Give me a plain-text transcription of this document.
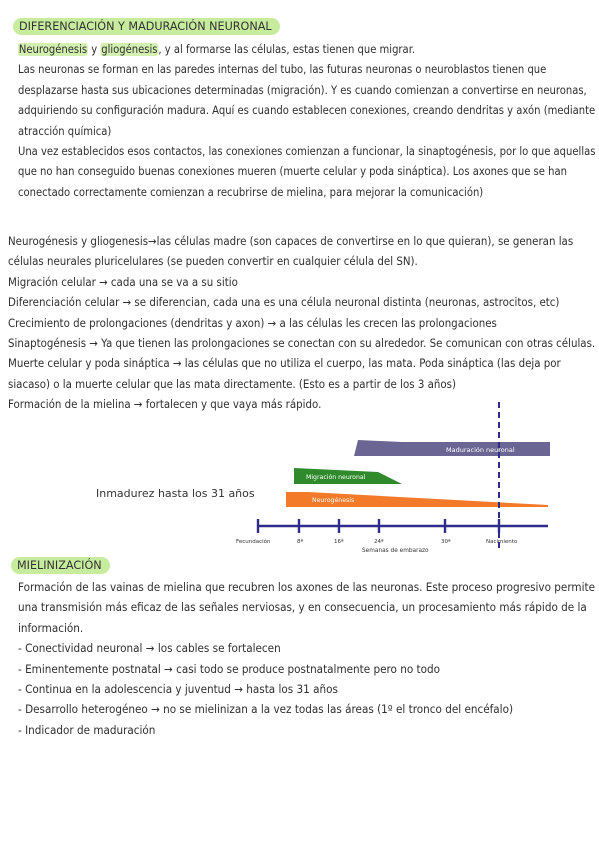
DIFERENCIACIÓN Y MADURACIÓN NEURONAL

Neurogénesis y gliogénesis, y al formarse las células, estas tienen que migrar.

Las neuronas se forman en las paredes internas del tubo, las futuras neuronas o neuroblastos tienen que

desplazarse hasta sus ubicaciones determinadas (migración). Y es cuando comienzan a convertirse en neuronas,

adquiriendo su configuración madura. Aquí es cuando establecen conexiones, creando dendritas y axón (mediante

atracción química)

Una vez establecidos esos contactos, las conexiones comienzan a funcionar, la sinaptogénesis, por lo que aquellas

que no han conseguido buenas conexiones mueren (muerte celular y poda sináptica). Los axones que se han

conectado correctamente comienzan a recubrirse de mielina, para mejorar la comunicación)

Neurogénesis y gliogenesis→las células madre (son capaces de convertirse en lo que quieran), se generan las

células neurales pluricelulares (se pueden convertir en cualquier célula del SN).

Migración celular → cada una se va a su sitio

Diferenciación celular → se diferencian, cada una es una célula neuronal distinta (neuronas, astrocitos, etc)

Crecimiento de prolongaciones (dendritas y axon) → a las células les crecen las prolongaciones

Sinaptogénesis → Ya que tienen las prolongaciones se conectan con su alrededor. Se comunican con otras células.

Muerte celular y poda sináptica → las células que no utiliza el cuerpo, las mata. Poda sináptica (las deja por

siacaso) o la muerte celular que las mata directamente. (Esto es a partir de los 3 años)

Formación de la mielina → fortalecen y que vaya más rápido.

Inmadurez hasta los 31 años
Maduración neuronal
Migración neuronal
Neurogénesis
Fecundación	8ª	16ª	24ª	30ª	Nacimiento
Semanas de embarazo
MIELINIZACIÓN

Formación de las vainas de mielina que recubren los axones de las neuronas. Este proceso progresivo permite

una transmisión más eficaz de las señales nerviosas, y en consecuencia, un procesamiento más rápido de la

información.

- Conectividad neuronal → los cables se fortalecen

- Eminentemente postnatal → casi todo se produce postnatalmente pero no todo

- Continua en la adolescencia y juventud → hasta los 31 años

- Desarrollo heterogéneo → no se mielinizan a la vez todas las áreas (1º el tronco del encéfalo)

- Indicador de maduración
